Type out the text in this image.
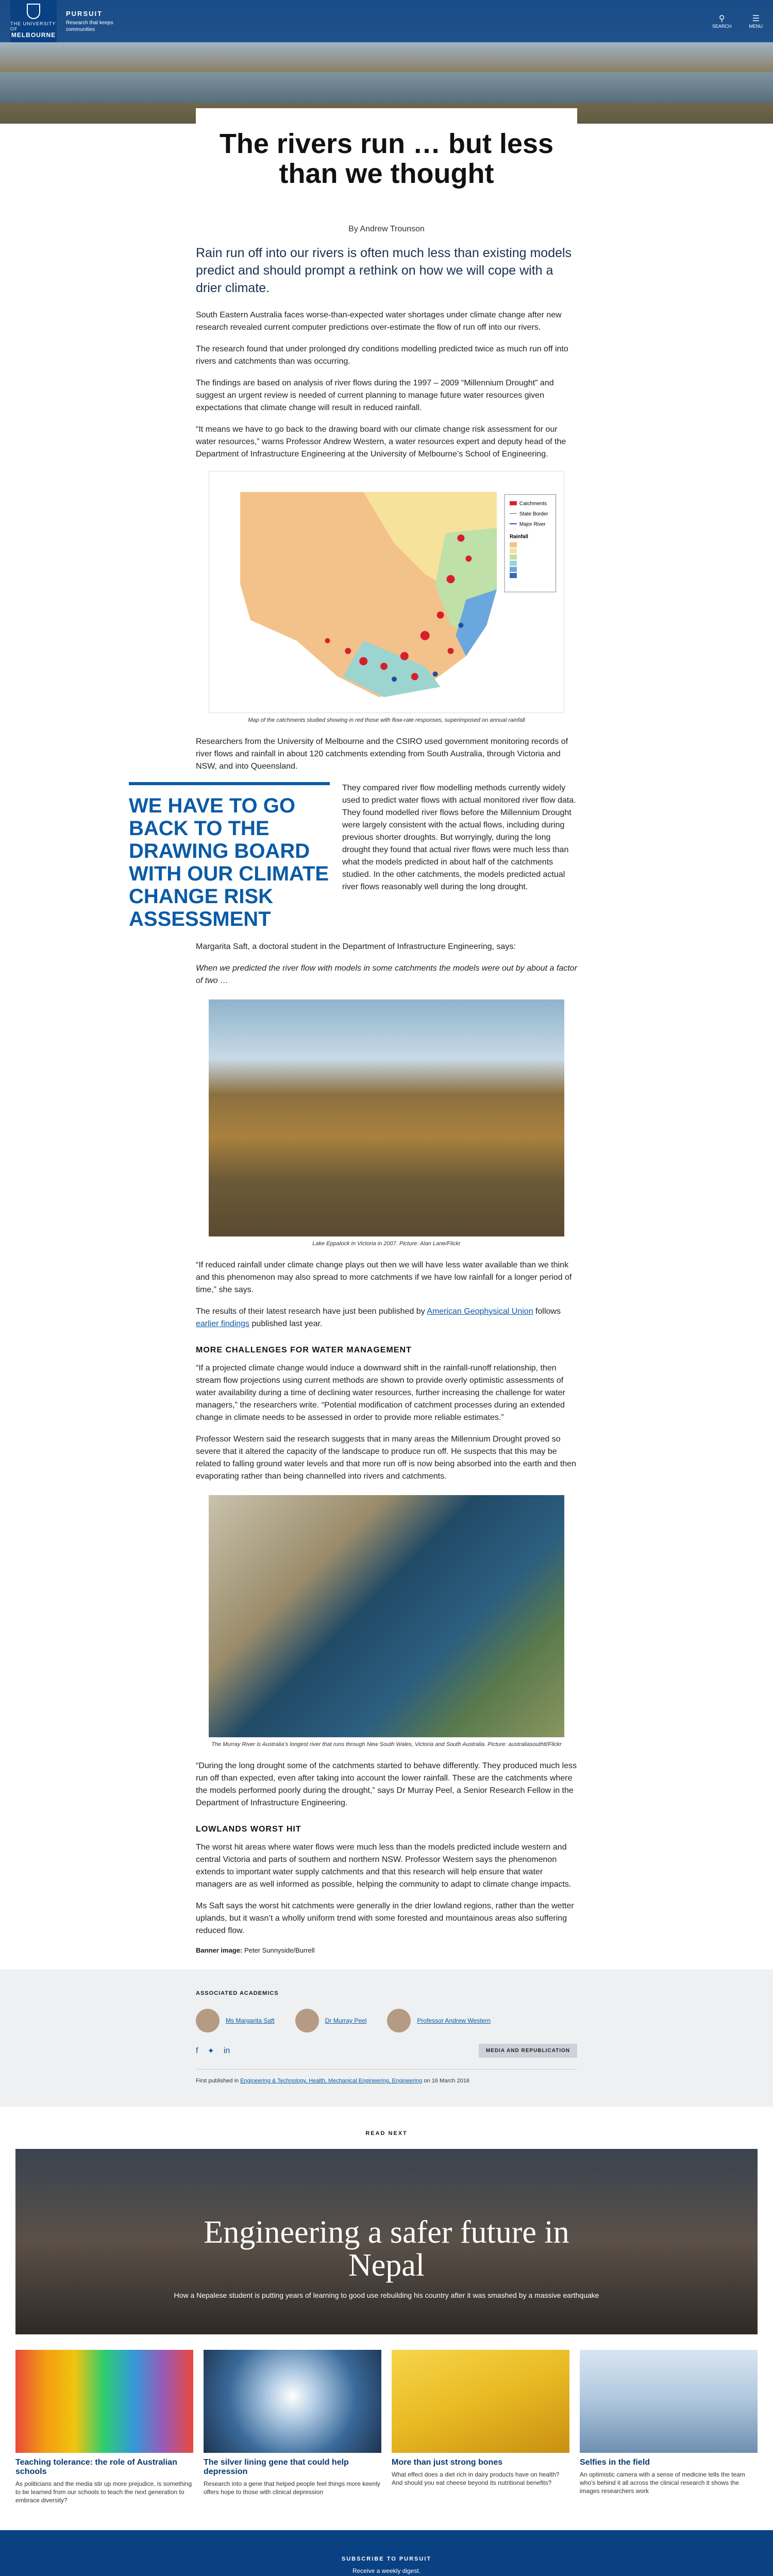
THE UNIVERSITY OF
MELBOURNE
PURSUIT
Research that keeps communities
⚲
SEARCH
☰
MENU
The rivers run … but less than we thought
By Andrew Trounson

Rain run off into our rivers is often much less than existing models predict and should prompt a rethink on how we will cope with a drier climate.

South Eastern Australia faces worse-than-expected water shortages under climate change after new research revealed current computer predictions over-estimate the flow of run off into our rivers.

The research found that under prolonged dry conditions modelling predicted twice as much run off into rivers and catchments than was occurring.

The findings are based on analysis of river flows during the 1997 – 2009 “Millennium Drought” and suggest an urgent review is needed of current planning to manage future water resources given expectations that climate change will result in reduced rainfall.

“It means we have to go back to the drawing board with our climate change risk assessment for our water resources,” warns Professor Andrew Western, a water resources expert and deputy head of the Department of Infrastructure Engineering at the University of Melbourne’s School of Engineering.

Catchments
State Border
Major River
Rainfall
Map of the catchments studied showing in red those with flow-rate responses, superimposed on annual rainfall

Researchers from the University of Melbourne and the CSIRO used government monitoring records of river flows and rainfall in about 120 catchments extending from South Australia, through Victoria and NSW, and into Queensland.

WE HAVE TO GO BACK TO THE DRAWING BOARD WITH OUR CLIMATE CHANGE RISK ASSESSMENT

They compared river flow modelling methods currently widely used to predict water flows with actual monitored river flow data. They found modelled river flows before the Millennium Drought were largely consistent with the actual flows, including during previous shorter droughts. But worryingly, during the long drought they found that actual river flows were much less than what the models predicted in about half of the catchments studied. In the other catchments, the models predicted actual river flows reasonably well during the long drought.

Margarita Saft, a doctoral student in the Department of Infrastructure Engineering, says:

When we predicted the river flow with models in some catchments the models were out by about a factor of two …

Lake Eppalock in Victoria in 2007. Picture: Alan Lane/Flickr

“If reduced rainfall under climate change plays out then we will have less water available than we think and this phenomenon may also spread to more catchments if we have low rainfall for a longer period of time,” she says.

The results of their latest research have just been published by American Geophysical Union follows earlier findings published last year.

MORE CHALLENGES FOR WATER MANAGEMENT

“If a projected climate change would induce a downward shift in the rainfall-runoff relationship, then stream flow projections using current methods are shown to provide overly optimistic assessments of water availability during a time of declining water resources, further increasing the challenge for water managers,” the researchers write. “Potential modification of catchment processes during an extended change in climate needs to be assessed in order to provide more reliable estimates.”

Professor Western said the research suggests that in many areas the Millennium Drought proved so severe that it altered the capacity of the landscape to produce run off. He suspects that this may be related to falling ground water levels and that more run off is now being absorbed into the earth and then evaporating rather than being channelled into rivers and catchments.

The Murray River is Australia’s longest river that runs through New South Wales, Victoria and South Australia. Picture: australiasouthtl/Flickr

“During the long drought some of the catchments started to behave differently. They produced much less run off than expected, even after taking into account the lower rainfall. These are the catchments where the models performed poorly during the drought,” says Dr Murray Peel, a Senior Research Fellow in the Department of Infrastructure Engineering.

LOWLANDS WORST HIT

The worst hit areas where water flows were much less than the models predicted include western and central Victoria and parts of southern and northern NSW. Professor Western says the phenomenon extends to important water supply catchments and that this research will help ensure that water managers are as well informed as possible, helping the community to adapt to climate change impacts.

Ms Saft says the worst hit catchments were generally in the drier lowland regions, rather than the wetter uplands, but it wasn’t a wholly uniform trend with some forested and mountainous areas also suffering reduced flow.

Banner image: Peter Sunnyside/Burrell

ASSOCIATED ACADEMICS
Ms Margarita Saft	Dr Murray Peel	Professor Andrew Western
f ✦ in	MEDIA AND REPUBLICATION
First published in Engineering & Technology, Health, Mechanical Engineering, Engineering on 16 March 2016
READ NEXT
Engineering a safer future in Nepal

How a Nepalese student is putting years of learning to good use rebuilding his country after it was smashed by a massive earthquake

Teaching tolerance: the role of Australian schools
As politicians and the media stir up more prejudice, is something to be learned from our schools to teach the next generation to embrace diversity?
The silver lining gene that could help depression
Research into a gene that helped people feel things more keenly offers hope to those with clinical depression
More than just strong bones
What effect does a diet rich in dairy products have on health? And should you eat cheese beyond its nutritional benefits?
Selfies in the field
An optimistic camera with a sense of medicine tells the team who's behind it all across the clinical research it shows the images researchers work
SUBSCRIBE TO PURSUIT
Receive a weekly digest.
